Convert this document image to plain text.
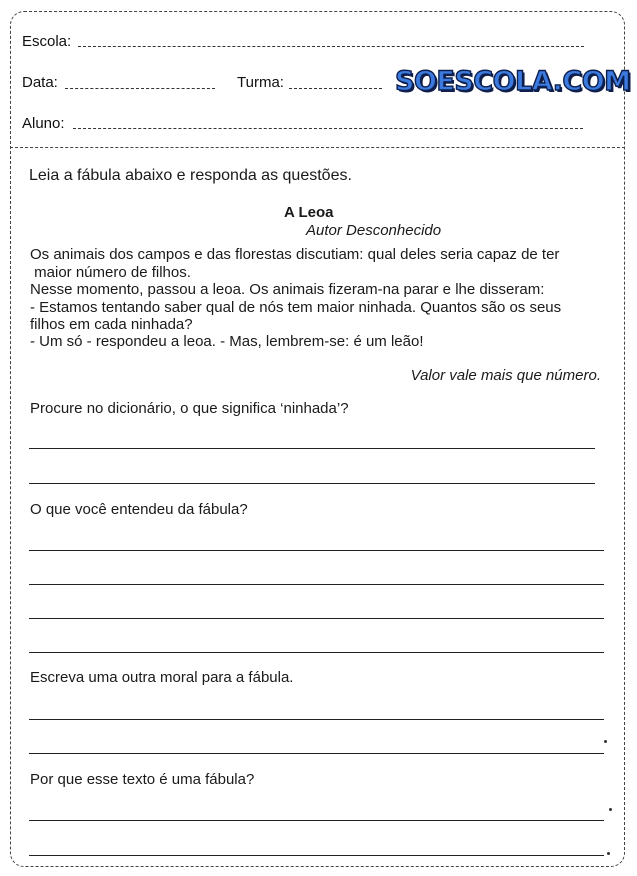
Escola:
Data:	Turma:	SOESCOLA.COM
Aluno:
Leia a fábula abaixo e responda as questões.
A Leoa
Autor Desconhecido
Os animais dos campos e das florestas discutiam: qual deles seria capaz de ter
maior número de filhos.
Nesse momento, passou a leoa. Os animais fizeram-na parar e lhe disseram:
- Estamos tentando saber qual de nós tem maior ninhada. Quantos são os seus
filhos em cada ninhada?
- Um só - respondeu a leoa. - Mas, lembrem-se: é um leão!
Valor vale mais que número.
Procure no dicionário, o que significa ‘ninhada’?
O que você entendeu da fábula?
Escreva uma outra moral para a fábula.
Por que esse texto é uma fábula?
